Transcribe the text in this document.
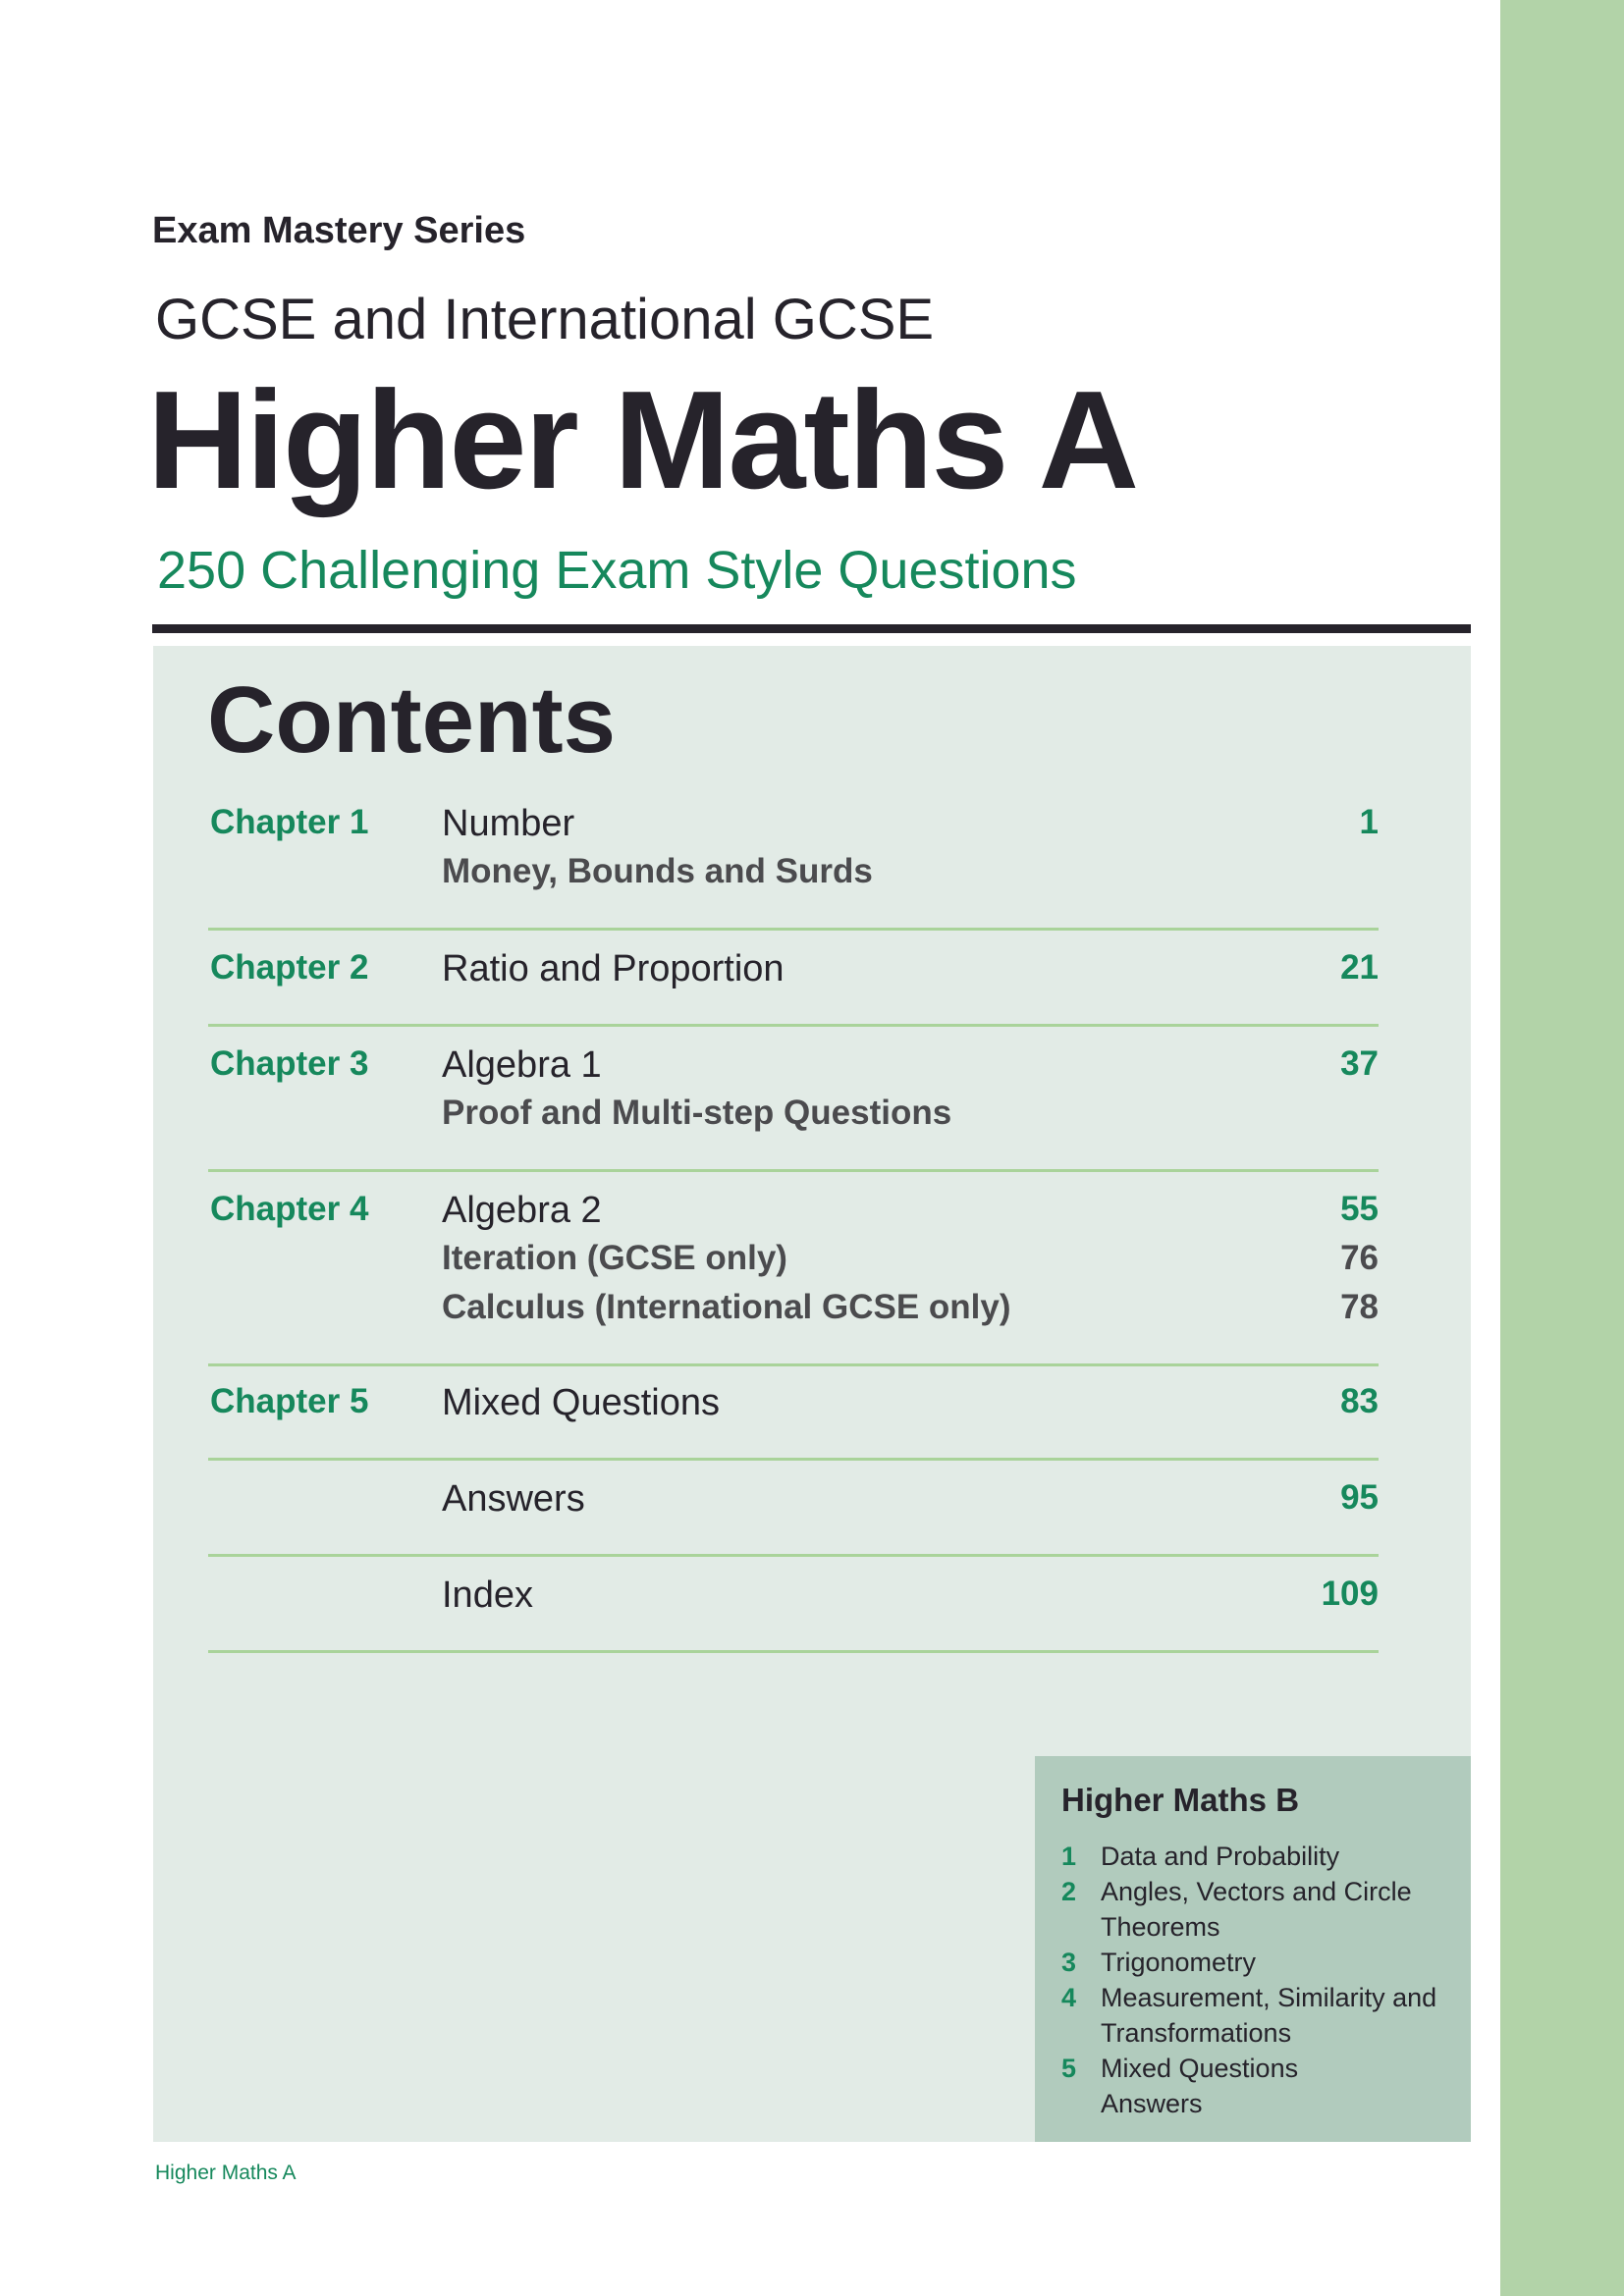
Exam Mastery Series
GCSE and International GCSE
Higher Maths A
250 Challenging Exam Style Questions
Contents
Chapter 1 Number	1
Money, Bounds and Surds
Chapter 2 Ratio and Proportion	21
Chapter 3 Algebra 1	37
Proof and Multi-step Questions
Chapter 4 Algebra 2	55
Iteration (GCSE only)	76
Calculus (International GCSE only)	78
Chapter 5 Mixed Questions	83
Answers	95
Index	109
Higher Maths B
1 Data and Probability
2 Angles, Vectors and Circle Theorems
3 Trigonometry
4 Measurement, Similarity and Transformations
5 Mixed Questions
Answers
Higher Maths A
